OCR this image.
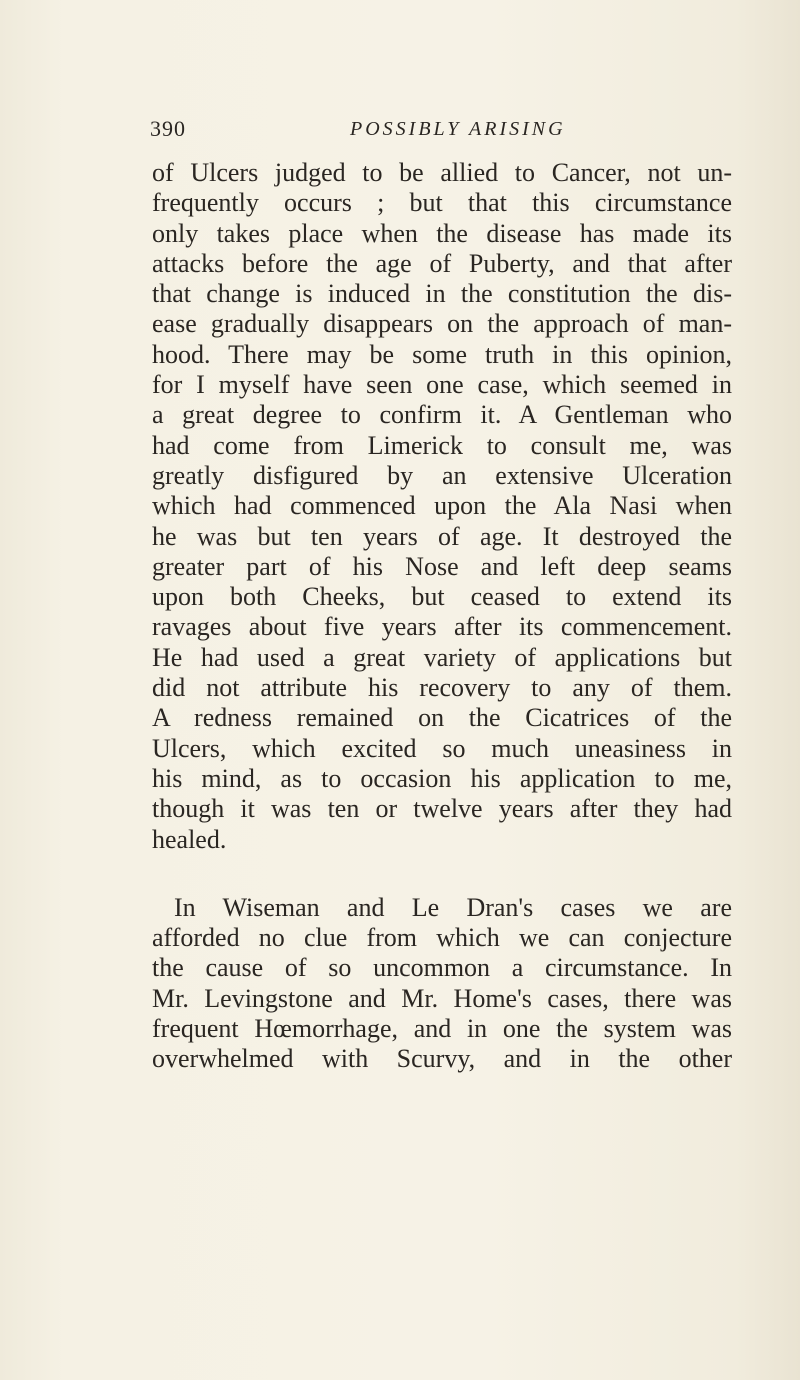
390	POSSIBLY ARISING
of Ulcers judged to be allied to Cancer, not un-
frequently occurs ; but that this circumstance
only takes place when the disease has made its
attacks before the age of Puberty, and that after
that change is induced in the constitution the dis-
ease gradually disappears on the approach of man-
hood. There may be some truth in this opinion,
for I myself have seen one case, which seemed in
a great degree to confirm it. A Gentleman who
had come from Limerick to consult me, was
greatly disfigured by an extensive Ulceration
which had commenced upon the Ala Nasi when
he was but ten years of age. It destroyed the
greater part of his Nose and left deep seams
upon both Cheeks, but ceased to extend its
ravages about five years after its commencement.
He had used a great variety of applications but
did not attribute his recovery to any of them.
A redness remained on the Cicatrices of the
Ulcers, which excited so much uneasiness in
his mind, as to occasion his application to me,
though it was ten or twelve years after they had
healed.
In Wiseman and Le Dran's cases we are
afforded no clue from which we can conjecture
the cause of so uncommon a circumstance. In
Mr. Levingstone and Mr. Home's cases, there was
frequent Hœmorrhage, and in one the system was
overwhelmed with Scurvy, and in the other
